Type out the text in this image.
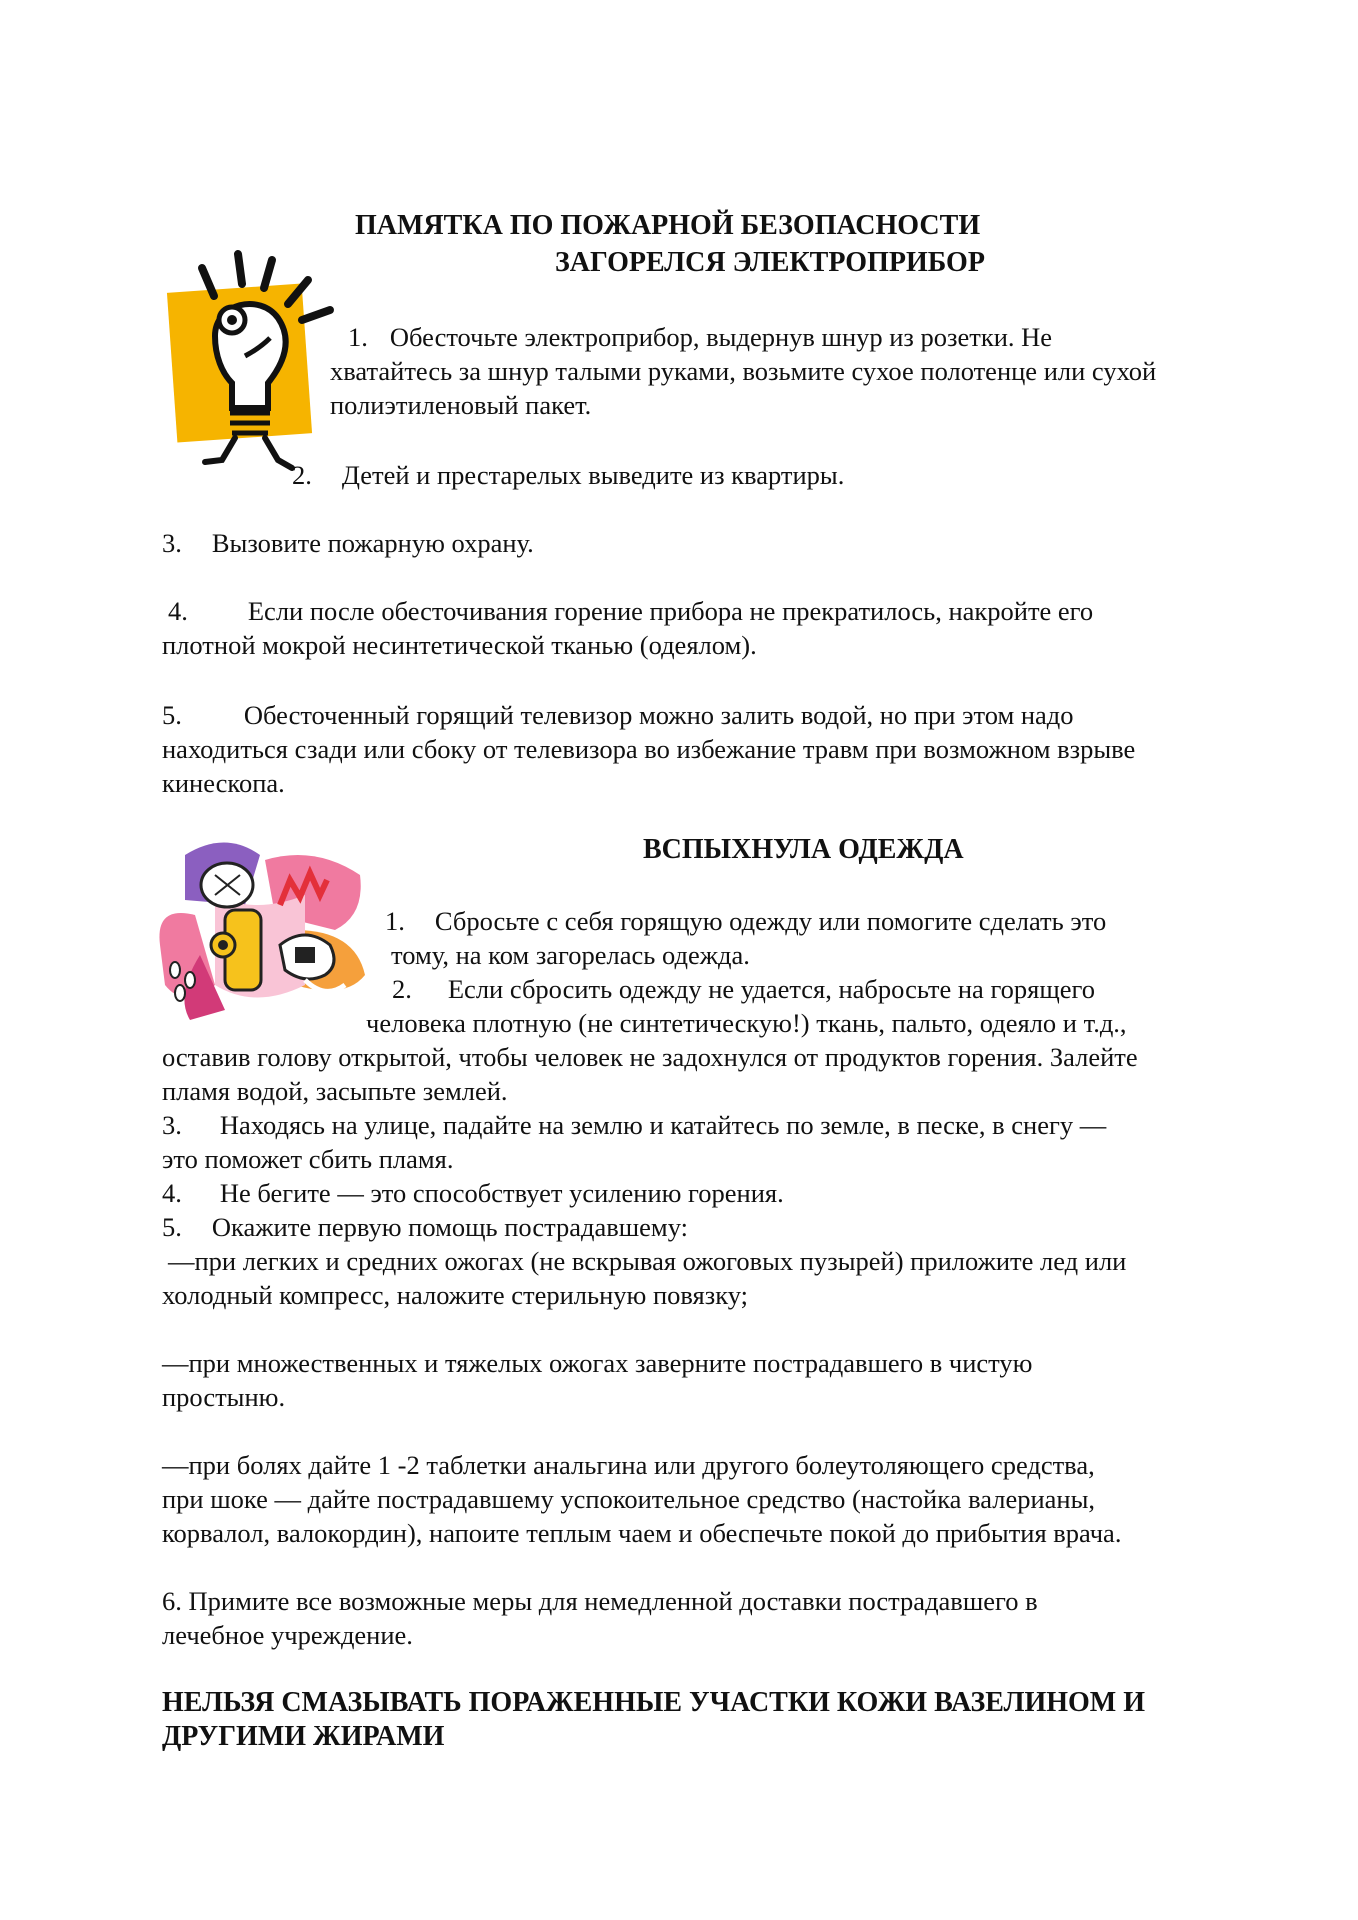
ПАМЯТКА ПО ПОЖАРНОЙ БЕЗОПАСНОСТИ
ЗАГОРЕЛСЯ ЭЛЕКТРОПРИБОР
1. Обесточьте электроприбор, выдернув шнур из розетки. Не
хватайтесь за шнур талыми руками, возьмите сухое полотенце или сухой
полиэтиленовый пакет.
2. Детей и престарелых выведите из квартиры.
3. Вызовите пожарную охрану.
4. Если после обесточивания горение прибора не прекратилось, накройте его
плотной мокрой несинтетической тканью (одеялом).
5. Обесточенный горящий телевизор можно залить водой, но при этом надо
находиться сзади или сбоку от телевизора во избежание травм при возможном взрыве
кинескопа.
ВСПЫХНУЛА ОДЕЖДА
1. Сбросьте с себя горящую одежду или помогите сделать это
тому, на ком загорелась одежда.
2. Если сбросить одежду не удается, набросьте на горящего
человека плотную (не синтетическую!) ткань, пальто, одеяло и т.д.,
оставив голову открытой, чтобы человек не задохнулся от продуктов горения. Залейте
пламя водой, засыпьте землей.
3. Находясь на улице, падайте на землю и катайтесь по земле, в песке, в снегу —
это поможет сбить пламя.
4. Не бегите — это способствует усилению горения.
5. Окажите первую помощь пострадавшему:
—при легких и средних ожогах (не вскрывая ожоговых пузырей) приложите лед или
холодный компресс, наложите стерильную повязку;
—при множественных и тяжелых ожогах заверните пострадавшего в чистую
простыню.
—при болях дайте 1 -2 таблетки анальгина или другого болеутоляющего средства,
при шоке — дайте пострадавшему успокоительное средство (настойка валерианы,
корвалол, валокордин), напоите теплым чаем и обеспечьте покой до прибытия врача.
6. Примите все возможные меры для немедленной доставки пострадавшего в
лечебное учреждение.
НЕЛЬЗЯ СМАЗЫВАТЬ ПОРАЖЕННЫЕ УЧАСТКИ КОЖИ ВАЗЕЛИНОМ И
ДРУГИМИ ЖИРАМИ
